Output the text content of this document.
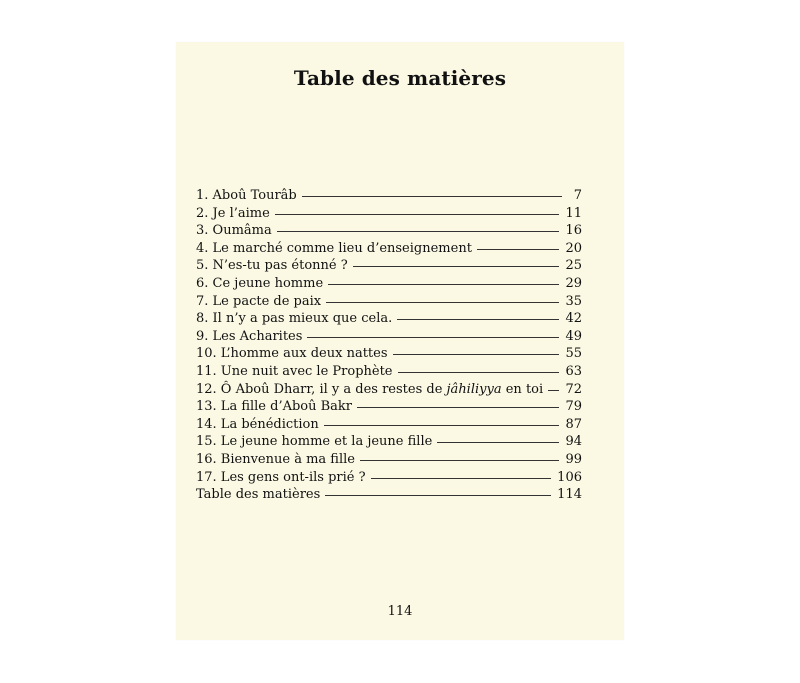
Table des matières
1. Aboû Tourâb	7
2. Je l’aime	11
3. Oumâma	16
4. Le marché comme lieu d’enseignement	20
5. N’es-tu pas étonné ?	25
6. Ce jeune homme	29
7. Le pacte de paix	35
8. Il n’y a pas mieux que cela.	42
9. Les Acharites	49
10. L’homme aux deux nattes	55
11. Une nuit avec le Prophète	63
12. Ô Aboû Dharr, il y a des restes de jâhiliyya en toi 72
13. La fille d’Aboû Bakr	79
14. La bénédiction	87
15. Le jeune homme et la jeune fille	94
16. Bienvenue à ma fille	99
17. Les gens ont-ils prié ?	106
Table des matières	114
114
